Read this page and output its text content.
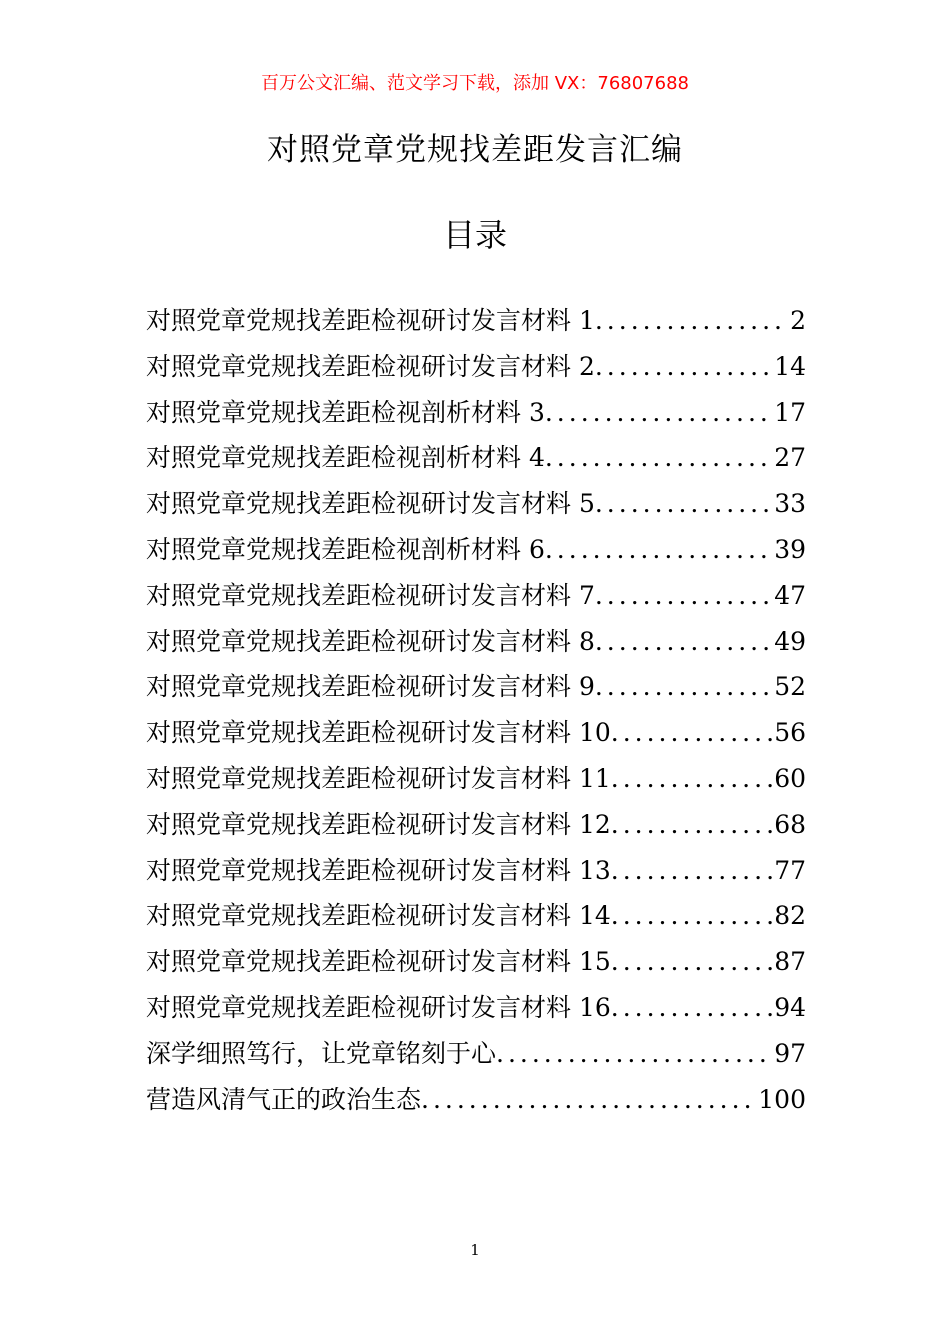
百万公文汇编、范文学习下载，添加 VX：76807688
对照党章党规找差距发言汇编
目录
对照党章党规找差距检视研讨发言材料 1 .....	2
对照党章党规找差距检视研讨发言材料 2 .....	14
对照党章党规找差距检视剖析材料 3 .....	17
对照党章党规找差距检视剖析材料 4 .....	27
对照党章党规找差距检视研讨发言材料 5 .....	33
对照党章党规找差距检视剖析材料 6 .....	39
对照党章党规找差距检视研讨发言材料 7 .....	47
对照党章党规找差距检视研讨发言材料 8 .....	49
对照党章党规找差距检视研讨发言材料 9 .....	52
对照党章党规找差距检视研讨发言材料 10 .....	56
对照党章党规找差距检视研讨发言材料 11 .....	60
对照党章党规找差距检视研讨发言材料 12 .....	68
对照党章党规找差距检视研讨发言材料 13 .....	77
对照党章党规找差距检视研讨发言材料 14 .....	82
对照党章党规找差距检视研讨发言材料 15 .....	87
对照党章党规找差距检视研讨发言材料 16 .....	94
深学细照笃行，让党章铭刻于心 .....	97
营造风清气正的政治生态 .....	100
1
